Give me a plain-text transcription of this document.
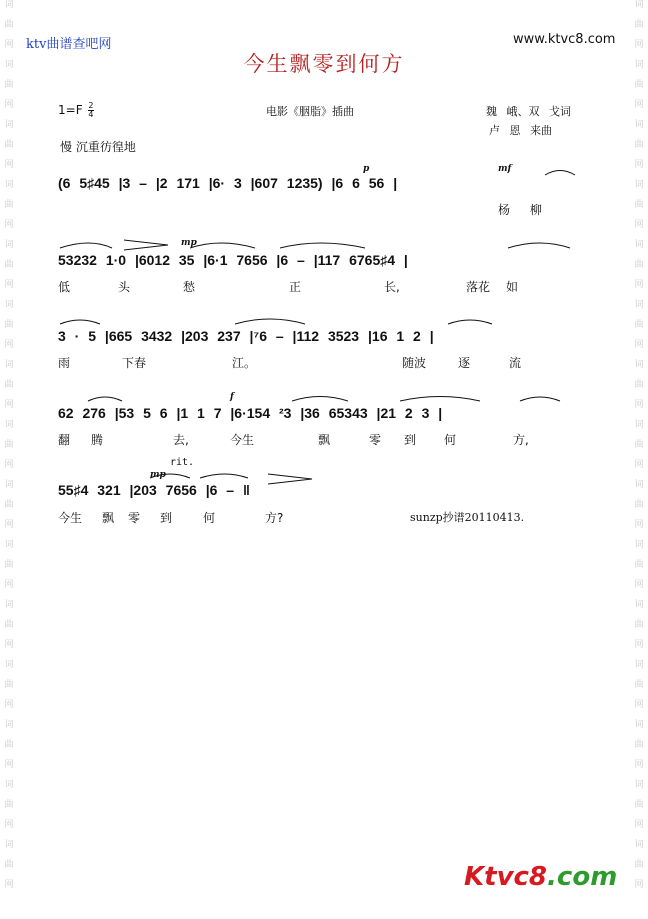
词
曲
网
词
曲
网
词
曲
网
词
曲
网
词
曲
网
词
曲
网
词
曲
网
词
曲
网
词
曲
网
词
曲
网
词
曲
网
词
曲
网
词
曲
网
词
曲
网
词
曲
网
词
曲
网
词
曲
网
词
曲
网
词
曲
网
词
曲
网
词
曲
网
词
曲
网
词
曲
网
词
曲
网
词
曲
网
词
曲
网
词
曲
网
词
曲
网
词
曲
网
词
曲
网
ktv曲谱查吧网	www.ktvc8.com
今生飘零到何方
$1=F \frac{2}{4}$	电影《胭脂》插曲	魏 峨、双 戈词
卢 恩 来曲
慢 沉重彷徨地
(6 5♯45 |3 – |2 171 |6· 3 |607 1235) |6 6 56 |
p	mf
杨 柳
53232 1·0 |6012 35 |6·1 7656 |6 – |117 6765♯4 |
mp
低	头	愁	正	长,	落花 如
3 · 5 |665 3432 |203 237 |⁷6 – |112 3523 |16 1 2 |
雨	下春	江。	随波	逐	流
62 276 |53 5 6 |1 1 7 |6·154 ²3 |36 65343 |21 2 3 |
f
翻 腾	去,	今生	飘	零 到 何	方,
55♯4 321 |203 7656 |6 – ‖
mp
rit.
今生 飘 零 到	何	方?	sunzp抄谱20110413.
Ktvc8.com
